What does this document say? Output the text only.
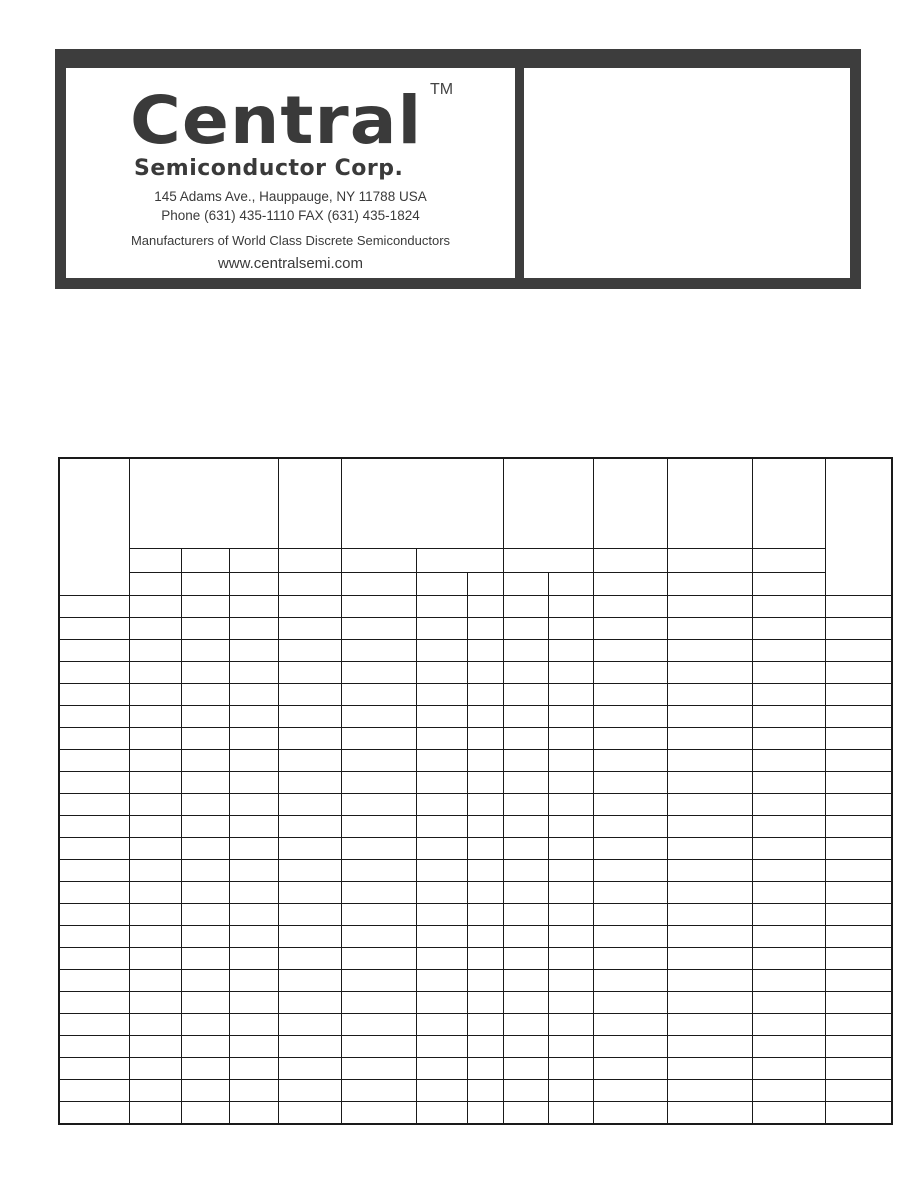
Central TM
Semiconductor Corp.
145 Adams Ave., Hauppauge, NY 11788 USA
Phone (631) 435-1110 FAX (631) 435-1824
Manufacturers of World Class Discrete Semiconductors
www.centralsemi.com
